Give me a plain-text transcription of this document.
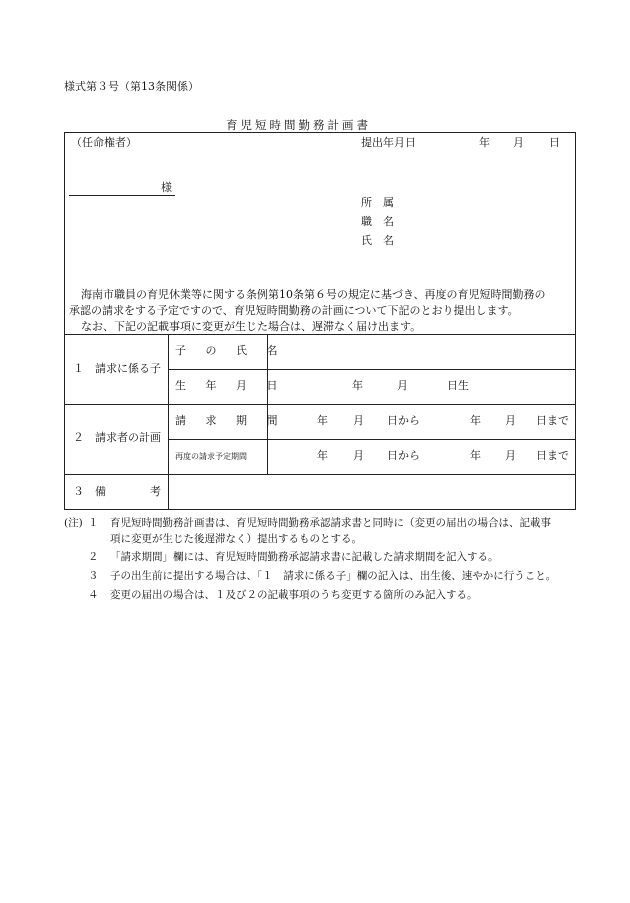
様式第３号（第13条関係）
育児短時間勤務計画書
（任命権者）	提出年月日	年 月 日
様
所　属
職　名
氏　名
海南市職員の育児休業等に関する条例第10条第６号の規定に基づき、再度の育児短時間勤務の
承認の請求をする予定ですので、育児短時間勤務の計画について下記のとおり提出します。
なお、下記の記載事項に変更が生じた場合は、遅滞なく届け出ます。
１　請求に係る子
子 の 氏 名
生 年 月 日	年	月	日生
２　請求者の計画
請 求 期 間	年 月 日から	年 月 日まで
再度の請求予定期間	年 月 日から	年 月 日まで
３　備　　　　考
(注) １ 育児短時間勤務計画書は、育児短時間勤務承認請求書と同時に（変更の届出の場合は、記載事
項に変更が生じた後遅滞なく）提出するものとする。
２ 「請求期間」欄には、育児短時間勤務承認請求書に記載した請求期間を記入する。
３ 子の出生前に提出する場合は、「１　請求に係る子」欄の記入は、出生後、速やかに行うこと。
４ 変更の届出の場合は、１及び２の記載事項のうち変更する箇所のみ記入する。
